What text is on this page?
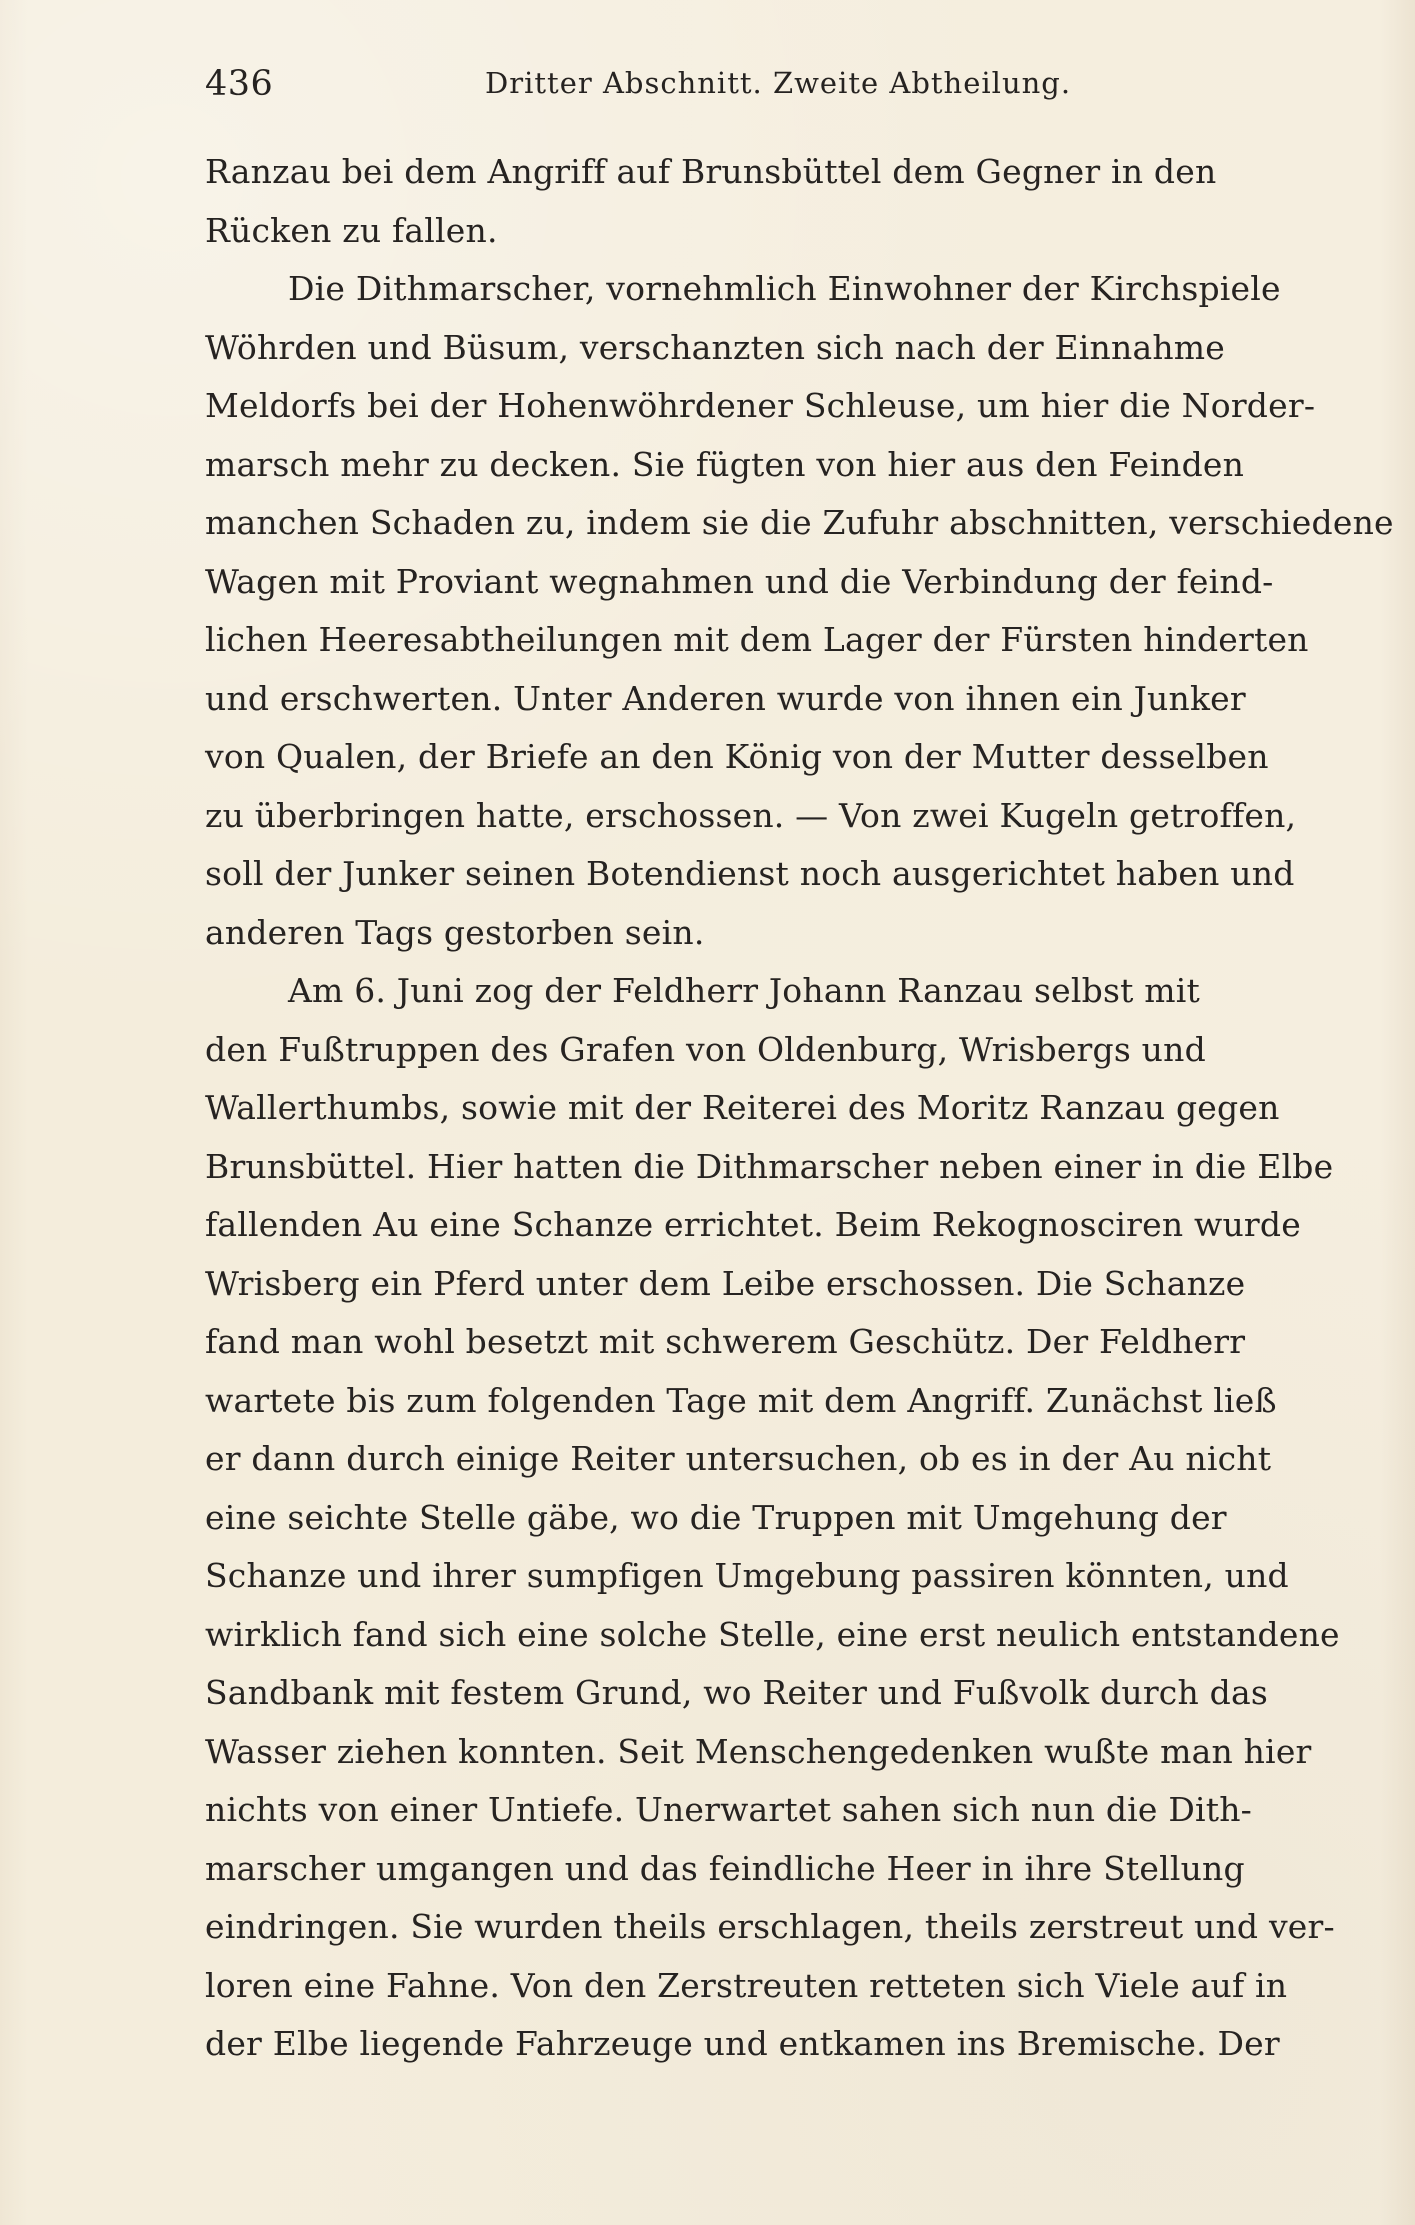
436	Dritter Abschnitt. Zweite Abtheilung.
Ranzau bei dem Angriff auf Brunsbüttel dem Gegner in den
Rücken zu fallen.
Die Dithmarscher, vornehmlich Einwohner der Kirchspiele
Wöhrden und Büsum, verschanzten sich nach der Einnahme
Meldorfs bei der Hohenwöhrdener Schleuse, um hier die Norder-
marsch mehr zu decken. Sie fügten von hier aus den Feinden
manchen Schaden zu, indem sie die Zufuhr abschnitten, verschiedene
Wagen mit Proviant wegnahmen und die Verbindung der feind-
lichen Heeresabtheilungen mit dem Lager der Fürsten hinderten
und erschwerten. Unter Anderen wurde von ihnen ein Junker
von Qualen, der Briefe an den König von der Mutter desselben
zu überbringen hatte, erschossen. — Von zwei Kugeln getroffen,
soll der Junker seinen Botendienst noch ausgerichtet haben und
anderen Tags gestorben sein.
Am 6. Juni zog der Feldherr Johann Ranzau selbst mit
den Fußtruppen des Grafen von Oldenburg, Wrisbergs und
Wallerthumbs, sowie mit der Reiterei des Moritz Ranzau gegen
Brunsbüttel. Hier hatten die Dithmarscher neben einer in die Elbe
fallenden Au eine Schanze errichtet. Beim Rekognosciren wurde
Wrisberg ein Pferd unter dem Leibe erschossen. Die Schanze
fand man wohl besetzt mit schwerem Geschütz. Der Feldherr
wartete bis zum folgenden Tage mit dem Angriff. Zunächst ließ
er dann durch einige Reiter untersuchen, ob es in der Au nicht
eine seichte Stelle gäbe, wo die Truppen mit Umgehung der
Schanze und ihrer sumpfigen Umgebung passiren könnten, und
wirklich fand sich eine solche Stelle, eine erst neulich entstandene
Sandbank mit festem Grund, wo Reiter und Fußvolk durch das
Wasser ziehen konnten. Seit Menschengedenken wußte man hier
nichts von einer Untiefe. Unerwartet sahen sich nun die Dith-
marscher umgangen und das feindliche Heer in ihre Stellung
eindringen. Sie wurden theils erschlagen, theils zerstreut und ver-
loren eine Fahne. Von den Zerstreuten retteten sich Viele auf in
der Elbe liegende Fahrzeuge und entkamen ins Bremische. Der
